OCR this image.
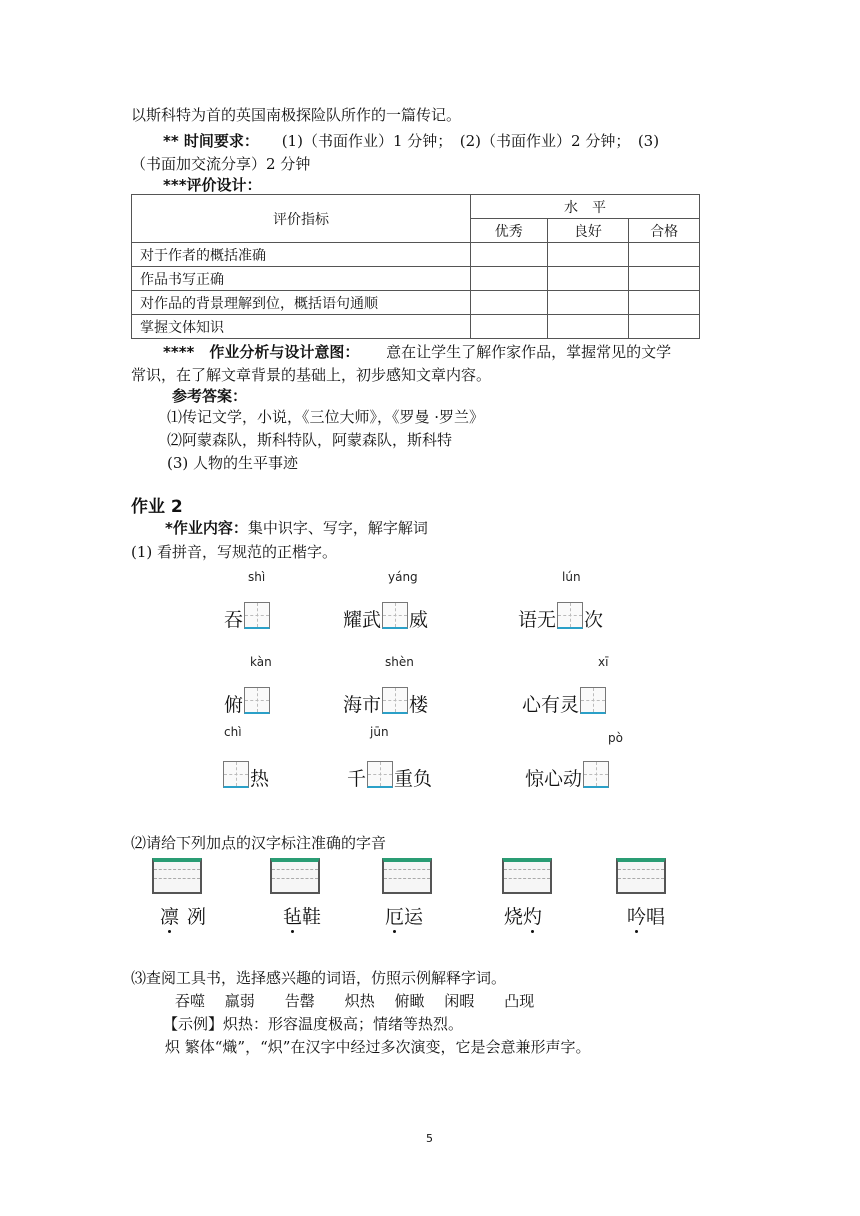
以斯科特为首的英国南极探险队所作的一篇传记。
** 时间要求： (1)（书面作业）1 分钟；　(2)（书面作业）2 分钟；　(3)
（书面加交流分享）2 分钟
***评价设计：
评价指标	水　平		
	优秀	良好	合格
对于作者的概括准确			
作品书写正确			
对作品的背景理解到位，概括语句通顺			
掌握文体知识			
****　作业分析与设计意图： 意在让学生了解作家作品，掌握常见的文学
常识，在了解文章背景的基础上，初步感知文章内容。
参考答案：
⑴传记文学，小说，《三位大师》，《罗曼 ·罗兰》
⑵阿蒙森队，斯科特队，阿蒙森队，斯科特
(3) 人物的生平事迹
作业 2
*作业内容：集中识字、写字，解字解词
(1) 看拼音，写规范的正楷字。
shì
吞
yáng
耀武 威
lún
语无 次
kàn
俯
shèn
海市 楼
xī
心有灵
chì
热
jūn
千 重负
pò
惊心动
⑵请给下列加点的汉字标注准确的字音
凛 冽	毡鞋	厄运	烧灼	吟唱
⑶查阅工具书，选择感兴趣的词语，仿照示例解释字词。
吞噬　 羸弱　　告罄　　炽热　 俯瞰　 闲暇　　凸现
【示例】炽热：形容温度极高；情绪等热烈。
炽 繁体“熾”，“炽”在汉字中经过多次演变，它是会意兼形声字。
5
